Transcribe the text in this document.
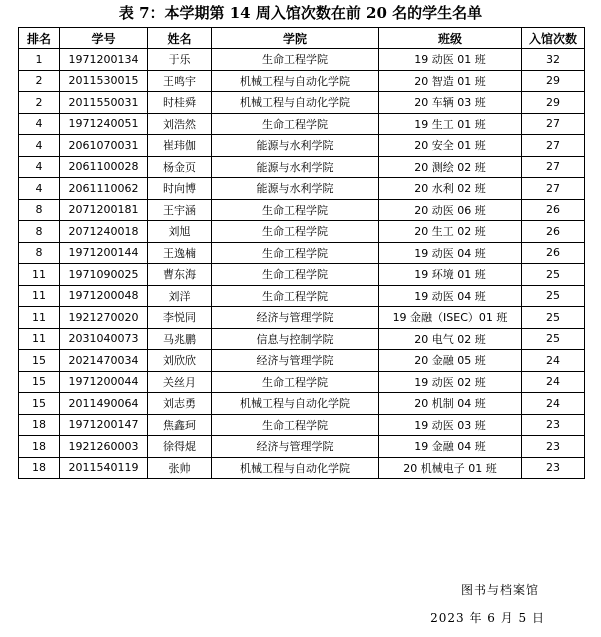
表 7：本学期第 14 周入馆次数在前 20 名的学生名单
排名	学号	姓名	学院	班级	入馆次数
1	1971200134	于乐	生命工程学院	19 动医 01 班	32
2	2011530015	王鸣宇	机械工程与自动化学院	20 智造 01 班	29
2	2011550031	时桂舜	机械工程与自动化学院	20 车辆 03 班	29
4	1971240051	刘浩然	生命工程学院	19 生工 01 班	27
4	2061070031	崔玮伽	能源与水利学院	20 安全 01 班	27
4	2061100028	杨金页	能源与水利学院	20 测绘 02 班	27
4	2061110062	时向博	能源与水利学院	20 水利 02 班	27
8	2071200181	王宇涵	生命工程学院	20 动医 06 班	26
8	2071240018	刘旭	生命工程学院	20 生工 02 班	26
8	1971200144	王逸楠	生命工程学院	19 动医 04 班	26
11	1971090025	曹东海	生命工程学院	19 环境 01 班	25
11	1971200048	刘洋	生命工程学院	19 动医 04 班	25
11	1921270020	李悦同	经济与管理学院	19 金融（ISEC）01 班	25
11	2031040073	马兆鹏	信息与控制学院	20 电气 02 班	25
15	2021470034	刘欣欣	经济与管理学院	20 金融 05 班	24
15	1971200044	关丝月	生命工程学院	19 动医 02 班	24
15	2011490064	刘志勇	机械工程与自动化学院	20 机制 04 班	24
18	1971200147	焦鑫珂	生命工程学院	19 动医 03 班	23
18	1921260003	徐得焜	经济与管理学院	19 金融 04 班	23
18	2011540119	张帅	机械工程与自动化学院	20 机械电子 01 班	23
图书与档案馆
2023 年 6 月 5 日
